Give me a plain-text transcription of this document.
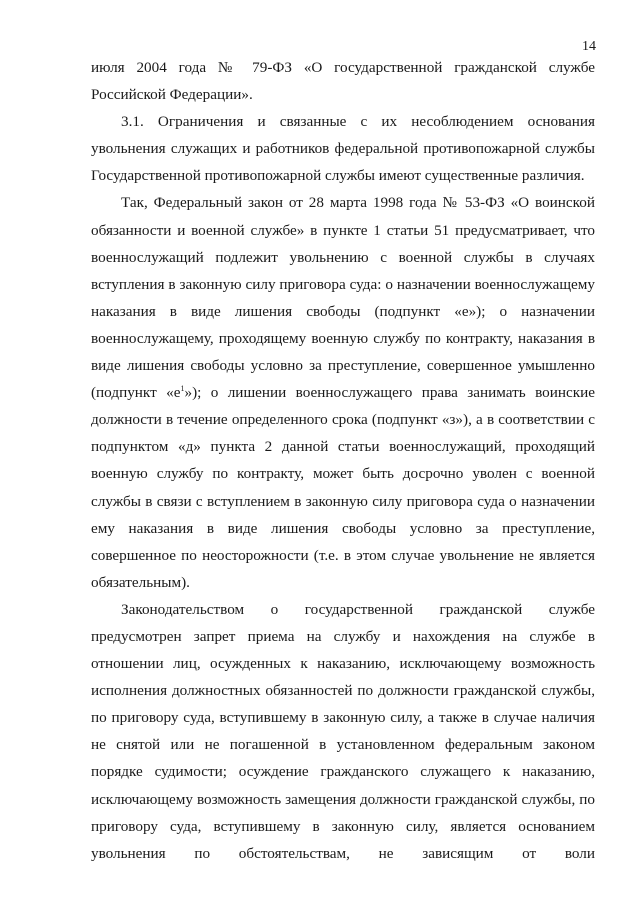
14

июля 2004 года № 79-ФЗ «О государственной гражданской службе Российской Федерации».

3.1. Ограничения и связанные с их несоблюдением основания увольнения служащих и работников федеральной противопожарной службы Государственной противопожарной службы имеют существенные различия.

Так, Федеральный закон от 28 марта 1998 года № 53-ФЗ «О воинской обязанности и военной службе» в пункте 1 статьи 51 предусматривает, что военнослужащий подлежит увольнению с военной службы в случаях вступления в законную силу приговора суда: о назначении военнослужащему наказания в виде лишения свободы (подпункт «е»); о назначении военнослужащему, проходящему военную службу по контракту, наказания в виде лишения свободы условно за преступление, совершенное умышленно (подпункт «$е^1$»); о лишении военнослужащего права занимать воинские должности в течение определенного срока (подпункт «з»), а в соответствии с подпунктом «д» пункта 2 данной статьи военнослужащий, проходящий военную службу по контракту, может быть досрочно уволен с военной службы в связи с вступлением в законную силу приговора суда о назначении ему наказания в виде лишения свободы условно за преступление, совершенное по неосторожности (т.е. в этом случае увольнение не является обязательным).

Законодательством о государственной гражданской службе предусмотрен запрет приема на службу и нахождения на службе в отношении лиц, осужденных к наказанию, исключающему возможность исполнения должностных обязанностей по должности гражданской службы, по приговору суда, вступившему в законную силу, а также в случае наличия не снятой или не погашенной в установленном федеральным законом порядке судимости; осуждение гражданского служащего к наказанию, исключающему возможность замещения должности гражданской службы, по приговору суда, вступившему в законную силу, является основанием увольнения по обстоятельствам, не зависящим от воли
